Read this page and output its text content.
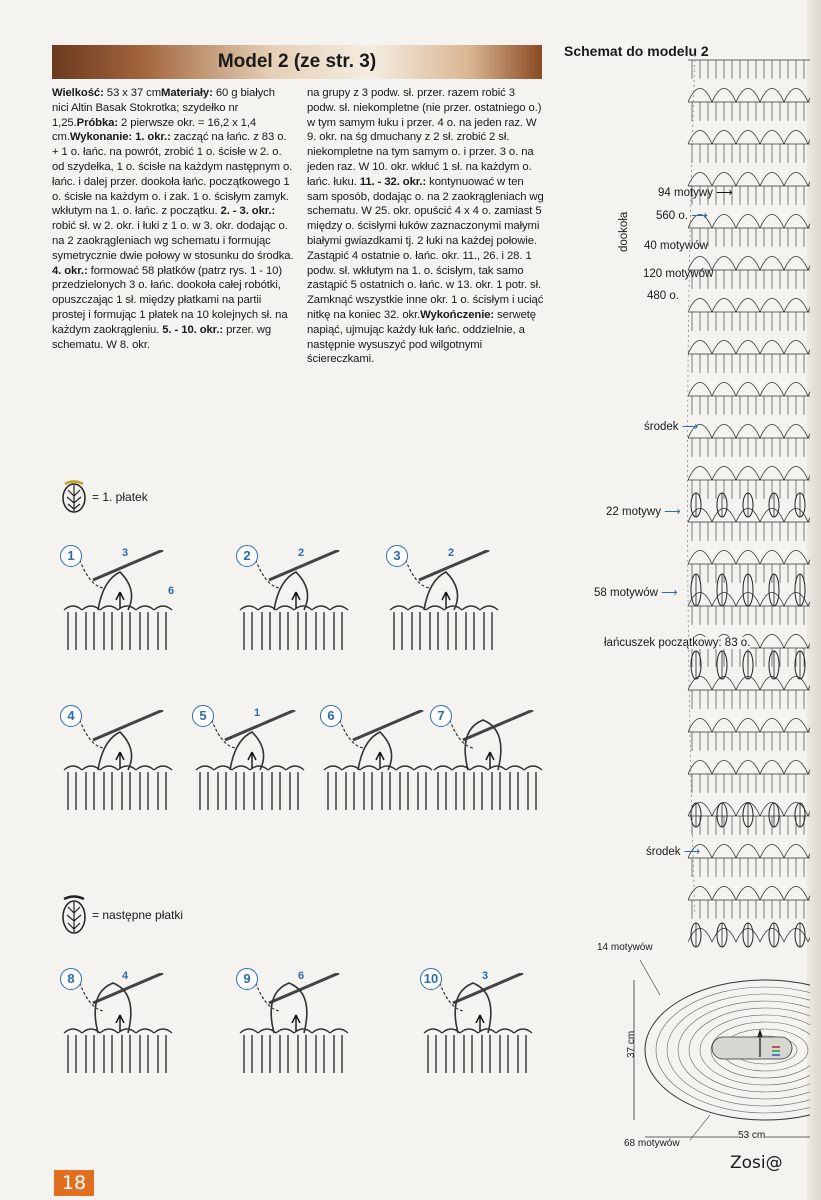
Model 2 (ze str. 3)

Wielkość: 53 x 37 cmMateriały: 60 g białych nici Altin Basak Stokrotka; szydełko nr 1,25.Próbka: 2 pierwsze okr. = 16,2 x 1,4 cm.Wykonanie: 1. okr.: zacząć na łańc. z 83 o. + 1 o. łańc. na powrót, zrobić 1 o. ścisłe w 2. o. od szydełka, 1 o. ścisłe na każdym następnym o. łańc. i dalej przer. dookoła łańc. początkowego 1 o. ścisłe na każdym o. i zak. 1 o. ścisłym zamyk. wkłutym na 1. o. łańc. z początku. 2. - 3. okr.: robić sł. w 2. okr. i łuki z 1 o. w 3. okr. dodając o. na 2 zaokrągleniach wg schematu i formując symetrycznie dwie połowy w stosunku do środka. 4. okr.: formować 58 płatków (patrz rys. 1 - 10) przedzielonych 3 o. łańc. dookoła całej robótki, opuszczając 1 sł. między płatkami na partii prostej i formując 1 płatek na 10 kolejnych sł. na każdym zaokrągleniu. 5. - 10. okr.: przer. wg schematu. W 8. okr.

na grupy z 3 podw. sł. przer. razem robić 3 podw. sł. niekompletne (nie przer. ostatniego o.) w tym samym łuku i przer. 4 o. na jeden raz. W 9. okr. na śg dmuchany z 2 sł. zrobić 2 sł. niekompletne na tym samym o. i przer. 3 o. na jeden raz. W 10. okr. wkłuć 1 sł. na każdym o. łańc. łuku. 11. - 32. okr.: kontynuować w ten sam sposób, dodając o. na 2 zaokrągleniach wg schematu. W 25. okr. opuścić 4 x 4 o. zamiast 5 między o. ścisłymi łuków zaznaczonymi małymi białymi gwiazdkami tj. 2 łuki na każdej połowie. Zastąpić 4 ostatnie o. łańc. okr. 11., 26. i 28. 1 podw. sł. wkłutym na 1. o. ścisłym, tak samo zastąpić 5 ostatnich o. łańc. w 13. okr. 1 potr. sł. Zamknąć wszystkie inne okr. 1 o. ścisłym i uciąć nitkę na koniec 32. okr.Wykończenie: serwetę napiąć, ujmując każdy łuk łańc. oddzielnie, a następnie wysuszyć pod wilgotnymi ściereczkami.

= 1. płatek
= następne płatki
Schemat do modelu 2
94 motywy ⟶
560 o. ⟶
dookoła 40 motywów
120 motywów
480 o.
środek ⟶
22 motywy ⟶
58 motywów ⟶
łańcuszek początkowy: 83 o.
środek ⟶
14 motywów
37 cm
68 motywów
53 cm
18
Zosi@
1	3
6
2	2	3	2
4	5	1	6	7
8	4	9	6	10	3
